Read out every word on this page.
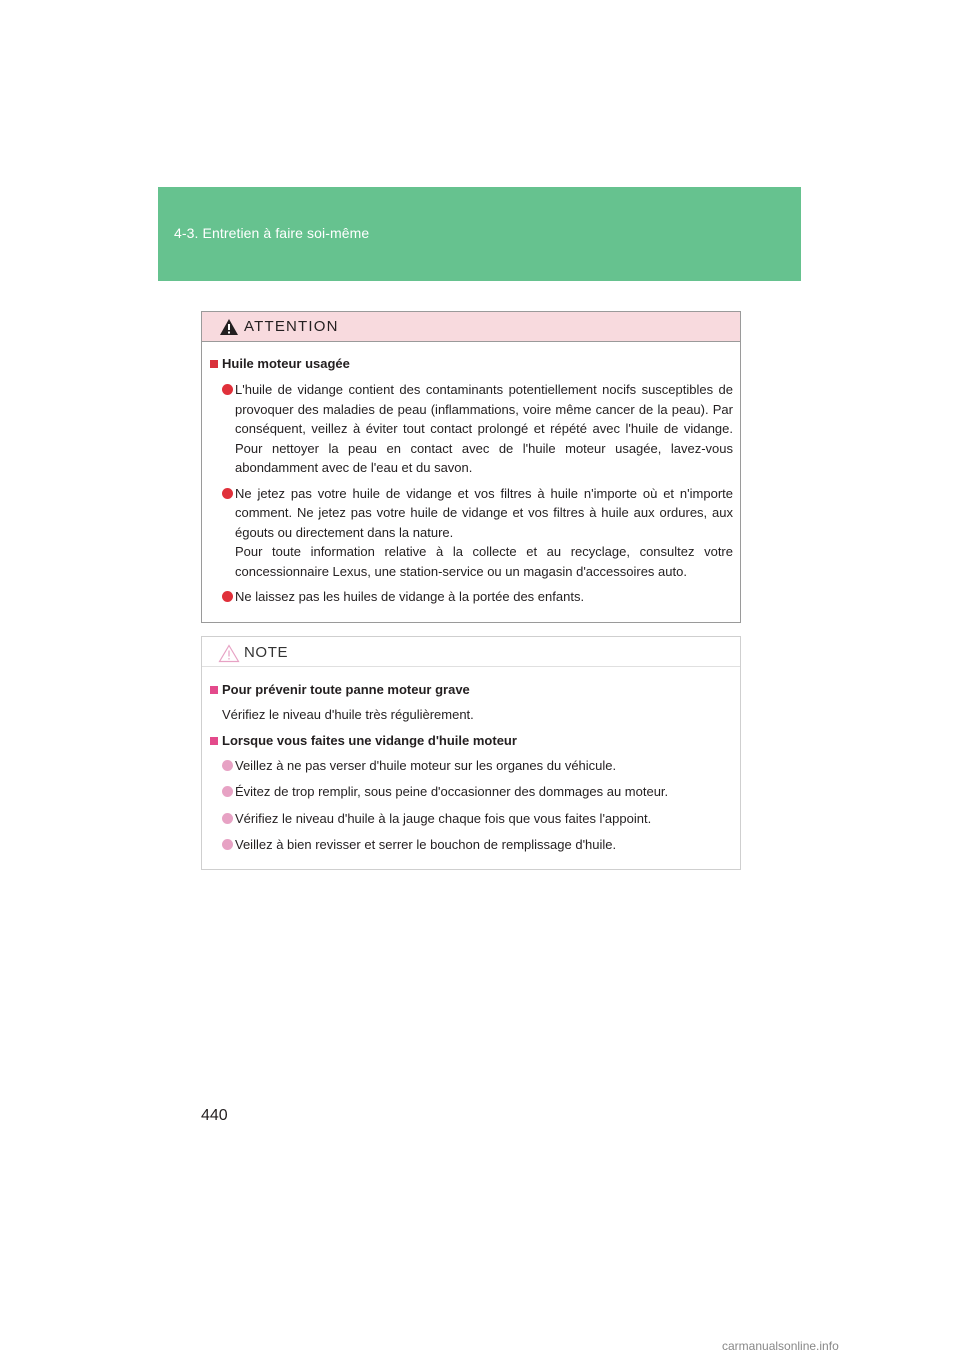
4-3. Entretien à faire soi-même
ATTENTION
Huile moteur usagée
L'huile de vidange contient des contaminants potentiellement nocifs susceptibles de provoquer des maladies de peau (inflammations, voire même cancer de la peau). Par conséquent, veillez à éviter tout contact prolongé et répété avec l'huile de vidange. Pour nettoyer la peau en contact avec de l'huile moteur usagée, lavez-vous abondamment avec de l'eau et du savon.
Ne jetez pas votre huile de vidange et vos filtres à huile n'importe où et n'importe comment. Ne jetez pas votre huile de vidange et vos filtres à huile aux ordures, aux égouts ou directement dans la nature.
Pour toute information relative à la collecte et au recyclage, consultez votre concessionnaire Lexus, une station-service ou un magasin d'accessoires auto.
Ne laissez pas les huiles de vidange à la portée des enfants.
NOTE
Pour prévenir toute panne moteur grave
Vérifiez le niveau d'huile très régulièrement.
Lorsque vous faites une vidange d'huile moteur
Veillez à ne pas verser d'huile moteur sur les organes du véhicule.
Évitez de trop remplir, sous peine d'occasionner des dommages au moteur.
Vérifiez le niveau d'huile à la jauge chaque fois que vous faites l'appoint.
Veillez à bien revisser et serrer le bouchon de remplissage d'huile.
440
carmanualsonline.info
